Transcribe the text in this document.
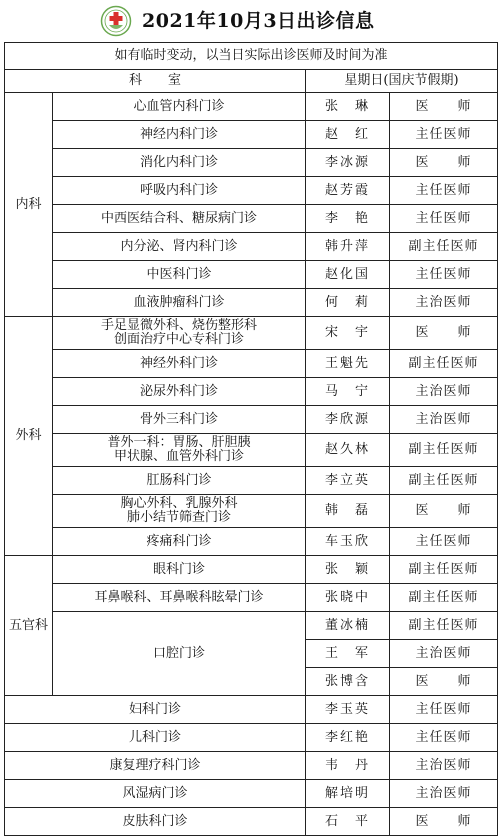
2021年10月3日出诊信息
如有临时变动，以当日实际出诊医师及时间为准			
科　　室		星期日(国庆节假期)	
内科	心血管内科门诊	张　琳	医　　师
	神经内科门诊	赵　红	主任医师
	消化内科门诊	李冰源	医　　师
	呼吸内科门诊	赵芳霞	主任医师
	中西医结合科、糖尿病门诊	李　艳	主任医师
	内分泌、肾内科门诊	韩升萍	副主任医师
	中医科门诊	赵化国	主任医师
	血液肿瘤科门诊	何　莉	主治医师
外科	手足显微外科、烧伤整形科
创面治疗中心专科门诊	宋　宇	医　　师
	神经外科门诊	王魁先	副主任医师
	泌尿外科门诊	马　宁	主治医师
	骨外三科门诊	李欣源	主治医师
	普外一科：胃肠、肝胆胰
甲状腺、血管外科门诊	赵久林	副主任医师
	肛肠科门诊	李立英	副主任医师
	胸心外科、乳腺外科
肺小结节筛查门诊	韩　磊	医　　师
	疼痛科门诊	车玉欣	主任医师
五官科	眼科门诊	张　颖	副主任医师
	耳鼻喉科、耳鼻喉科眩晕门诊	张晓中	副主任医师
	口腔门诊	董冰楠	副主任医师
		王　军	主治医师
		张博含	医　　师
妇科门诊		李玉英	主任医师
儿科门诊		李红艳	主任医师
康复理疗科门诊		韦　丹	主治医师
风湿病门诊		解培明	主治医师
皮肤科门诊		石　平	医　　师
